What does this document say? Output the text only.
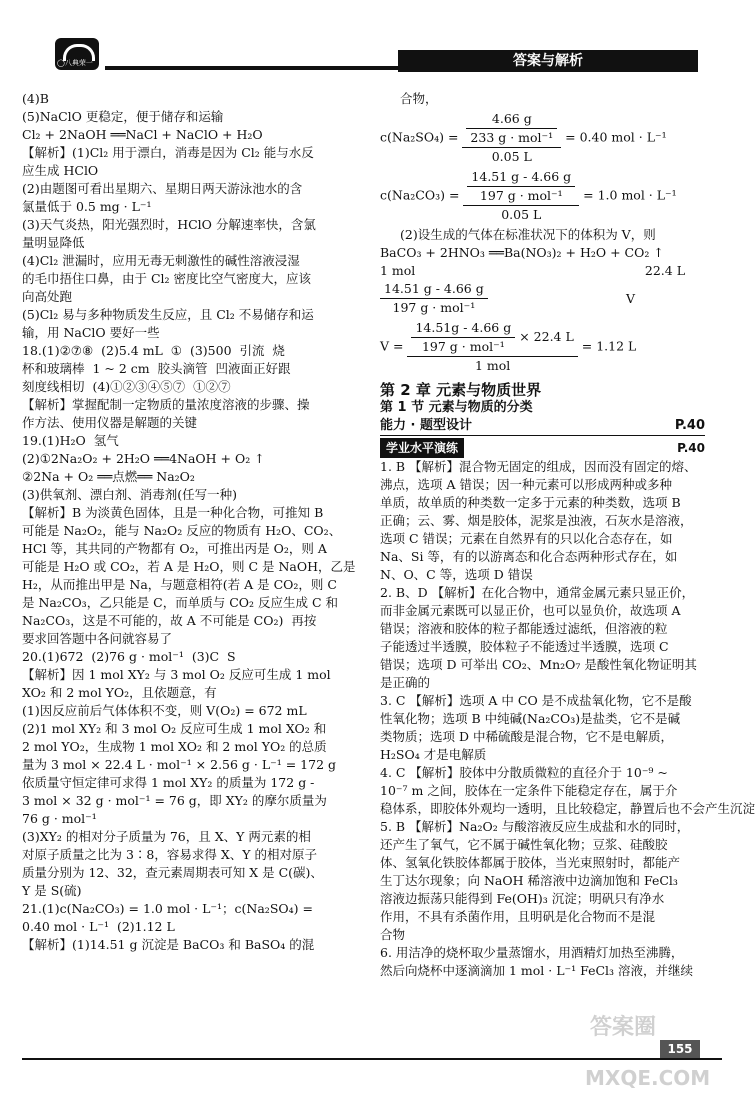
◯八典荣一	答案与解析
(4)B
(5)NaClO 更稳定，便于储存和运输
Cl₂ + 2NaOH ══NaCl + NaClO + H₂O
【解析】(1)Cl₂ 用于漂白，消毒是因为 Cl₂ 能与水反
应生成 HClO
(2)由题图可看出星期六、星期日两天游泳池水的含
氯量低于 0.5 mg · L⁻¹
(3)天气炎热，阳光强烈时，HClO 分解速率快，含氯
量明显降低
(4)Cl₂ 泄漏时，应用无毒无刺激性的碱性溶液浸湿
的毛巾捂住口鼻，由于 Cl₂ 密度比空气密度大，应该
向高处跑
(5)Cl₂ 易与多种物质发生反应，且 Cl₂ 不易储存和运
输，用 NaClO 要好一些
18.(1)②⑦⑧  (2)5.4 mL  ①  (3)500  引流  烧
杯和玻璃棒  1 ~ 2 cm  胶头滴管  凹液面正好跟
刻度线相切  (4)①②③④⑤⑦  ①②⑦
【解析】掌握配制一定物质的量浓度溶液的步骤、操
作方法、使用仪器是解题的关键
19.(1)H₂O  氢气
(2)①2Na₂O₂ + 2H₂O ══4NaOH + O₂ ↑
②2Na + O₂ ══点燃══ Na₂O₂
(3)供氧剂、漂白剂、消毒剂(任写一种)
【解析】B 为淡黄色固体，且是一种化合物，可推知 B
可能是 Na₂O₂，能与 Na₂O₂ 反应的物质有 H₂O、CO₂、
HCl 等，其共同的产物都有 O₂，可推出丙是 O₂，则 A
可能是 H₂O 或 CO₂，若 A 是 H₂O，则 C 是 NaOH，乙是
H₂，从而推出甲是 Na，与题意相符(若 A 是 CO₂，则 C
是 Na₂CO₃，乙只能是 C，而单质与 CO₂ 反应生成 C 和
Na₂CO₃，这是不可能的，故 A 不可能是 CO₂)  再按
要求回答题中各问就容易了
20.(1)672  (2)76 g · mol⁻¹  (3)C  S
【解析】因 1 mol XY₂ 与 3 mol O₂ 反应可生成 1 mol
XO₂ 和 2 mol YO₂，且依题意，有
(1)因反应前后气体体积不变，则 V(O₂) = 672 mL
(2)1 mol XY₂ 和 3 mol O₂ 反应可生成 1 mol XO₂ 和
2 mol YO₂，生成物 1 mol XO₂ 和 2 mol YO₂ 的总质
量为 3 mol × 22.4 L · mol⁻¹ × 2.56 g · L⁻¹ = 172 g
依质量守恒定律可求得 1 mol XY₂ 的质量为 172 g -
3 mol × 32 g · mol⁻¹ = 76 g，即 XY₂ 的摩尔质量为
76 g · mol⁻¹
(3)XY₂ 的相对分子质量为 76，且 X、Y 两元素的相
对原子质量之比为 3∶8，容易求得 X、Y 的相对原子
质量分别为 12、32，查元素周期表可知 X 是 C(碳)、
Y 是 S(硫)
21.(1)c(Na₂CO₃) = 1.0 mol · L⁻¹；c(Na₂SO₄) =
0.40 mol · L⁻¹  (2)1.12 L
【解析】(1)14.51 g 沉淀是 BaCO₃ 和 BaSO₄ 的混
合物，
$c(Na_2SO_4) = \frac{\frac{4.66 g}{\text{233 g · mol⁻¹}}}{0.05 L} = 0.40$ mol · L⁻¹
$c(Na_2CO_3) = \frac{\frac{14.51 g - 4.66 g}{\text{197 g · mol⁻¹}}}{0.05 L} = 1.0$ mol · L⁻¹
(2)设生成的气体在标准状况下的体积为 V，则
BaCO₃ + 2HNO₃ ══Ba(NO₃)₂ + H₂O + CO₂ ↑
1 mol	22.4 L
$\frac{14.51 g - 4.66 g}{\text{197 g · mol⁻¹}}$	V
$V = \frac{14.51g - 4.66 g}{\text{197 g · mol⁻¹}} \times 22.4$ L
1 mol
= 1.12 L
第 2 章 元素与物质世界
第 1 节 元素与物质的分类
能力 · 题型设计	P.40
学业水平演练	P.40
1. B 【解析】混合物无固定的组成，因而没有固定的熔、
沸点，选项 A 错误；因一种元素可以形成两种或多种
单质，故单质的种类数一定多于元素的种类数，选项 B
正确；云、雾、烟是胶体，泥浆是浊液，石灰水是溶液，
选项 C 错误；元素在自然界有的只以化合态存在，如
Na、Si 等，有的以游离态和化合态两种形式存在，如
N、O、C 等，选项 D 错误
2. B、D 【解析】在化合物中，通常金属元素只显正价，
而非金属元素既可以显正价，也可以显负价，故选项 A
错误；溶液和胶体的粒子都能透过滤纸，但溶液的粒
子能透过半透膜，胶体粒子不能透过半透膜，选项 C
错误；选项 D 可举出 CO₂、Mn₂O₇ 是酸性氧化物证明其
是正确的
3. C 【解析】选项 A 中 CO 是不成盐氧化物，它不是酸
性氧化物；选项 B 中纯碱(Na₂CO₃)是盐类，它不是碱
类物质；选项 D 中稀硫酸是混合物，它不是电解质，
H₂SO₄ 才是电解质
4. C 【解析】胶体中分散质微粒的直径介于 10⁻⁹ ~
10⁻⁷ m 之间，胶体在一定条件下能稳定存在，属于介
稳体系，即胶体外观均一透明，且比较稳定，静置后也不会产生沉淀
5. B 【解析】Na₂O₂ 与酸溶液反应生成盐和水的同时，
还产生了氧气，它不属于碱性氧化物；豆浆、硅酸胶
体、氢氧化铁胶体都属于胶体，当光束照射时，都能产
生丁达尔现象；向 NaOH 稀溶液中边滴加饱和 FeCl₃
溶液边振荡只能得到 Fe(OH)₃ 沉淀；明矾只有净水
作用，不具有杀菌作用，且明矾是化合物而不是混
合物
6. 用洁净的烧杯取少量蒸馏水，用酒精灯加热至沸腾，
然后向烧杯中逐滴滴加 1 mol · L⁻¹ FeCl₃ 溶液，并继续
答案圈
155
MXQE.COM
